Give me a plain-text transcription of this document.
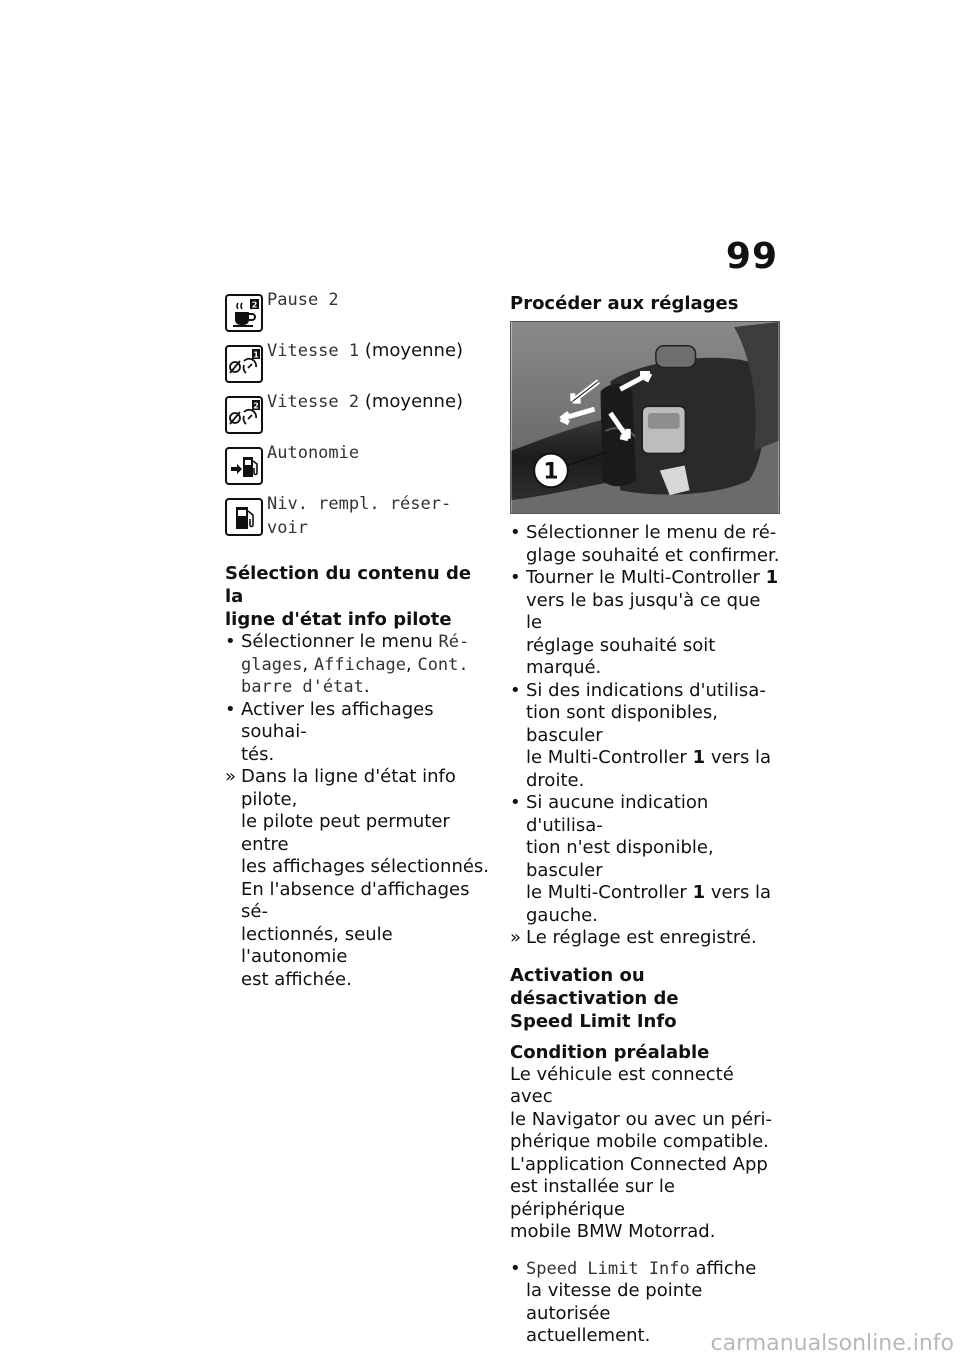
99
2 Pause 2
1 Vitesse 1 (moyenne)
2 Vitesse 2 (moyenne)
Autonomie
Niv. rempl. réser-
voir
Sélection du contenu de la
ligne d'état info pilote
• Sélectionner le menu Ré-
glages, Affichage, Cont.
barre d'état.
• Activer les affichages souhai-
tés.
» Dans la ligne d'état info pilote,
le pilote peut permuter entre
les affichages sélectionnés.
En l'absence d'affichages sé-
lectionnés, seule l'autonomie
est affichée.
Procéder aux réglages
1
• Sélectionner le menu de ré-
glage souhaité et confirmer.
• Tourner le Multi-Controller 1
vers le bas jusqu'à ce que le
réglage souhaité soit marqué.
• Si des indications d'utilisa-
tion sont disponibles, basculer
le Multi-Controller 1 vers la
droite.
• Si aucune indication d'utilisa-
tion n'est disponible, basculer
le Multi-Controller 1 vers la
gauche.
» Le réglage est enregistré.
Activation ou désactivation de
Speed Limit Info
Condition préalable

Le véhicule est connecté avec
le Navigator ou avec un péri-
phérique mobile compatible.
L'application Connected App
est installée sur le périphérique
mobile BMW Motorrad.

• Speed Limit Info affiche
la vitesse de pointe autorisée
actuellement.	carmanualsonline.info
